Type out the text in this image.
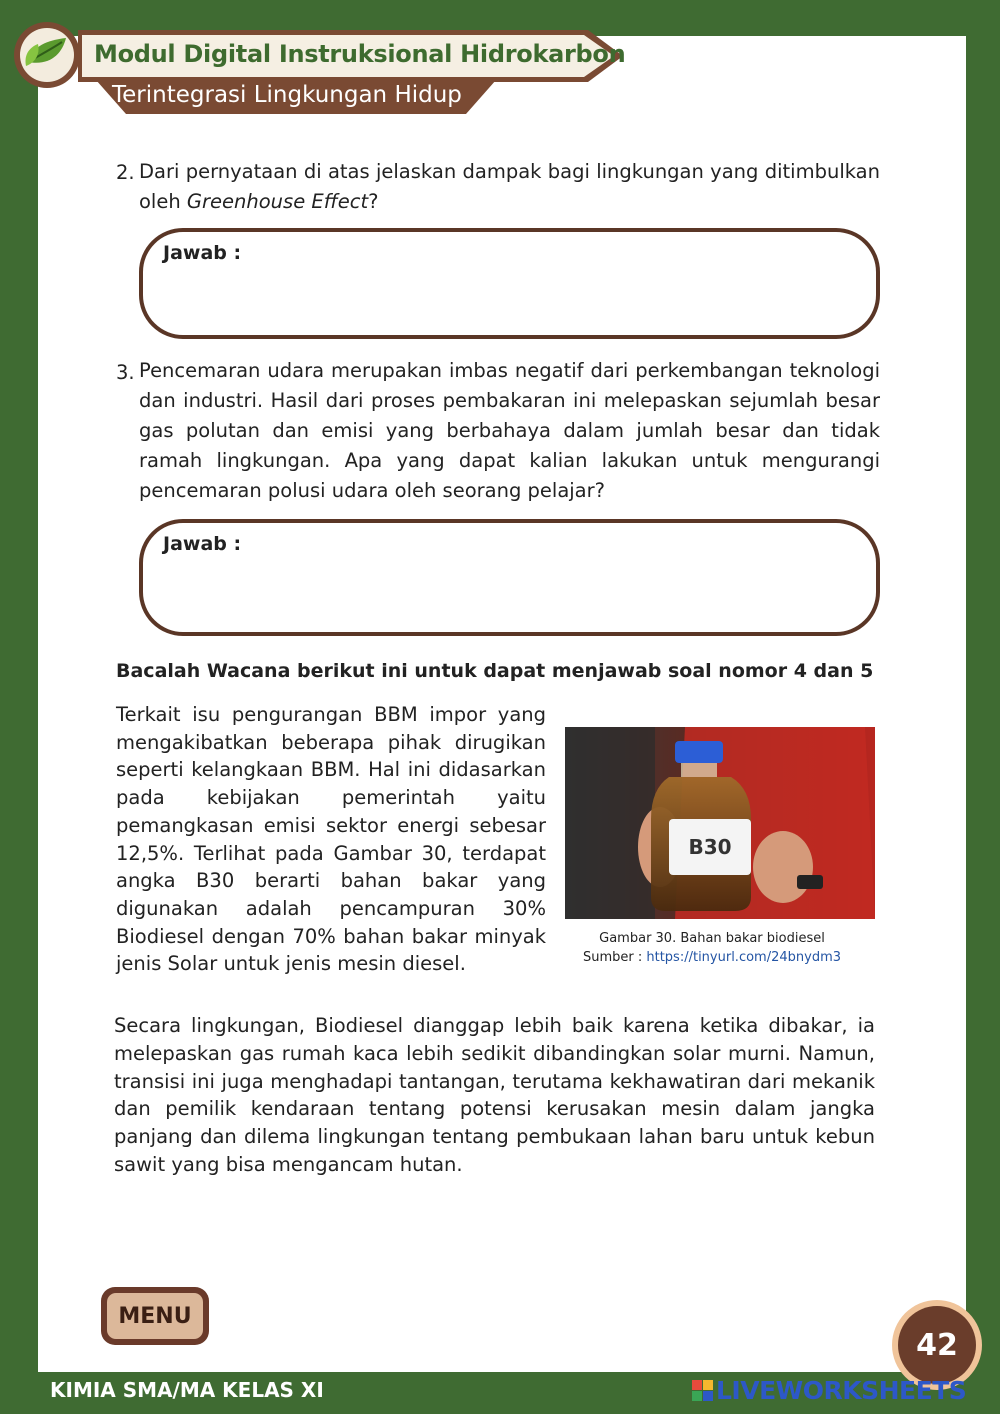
Modul Digital Instruksional Hidrokarbon
Terintegrasi Lingkungan Hidup
2. Dari pernyataan di atas jelaskan dampak bagi lingkungan yang ditimbulkan oleh Greenhouse Effect?
Jawab :
3. Pencemaran udara merupakan imbas negatif dari perkembangan teknologi dan industri. Hasil dari proses pembakaran ini melepaskan sejumlah besar gas polutan dan emisi yang berbahaya dalam jumlah besar dan tidak ramah lingkungan. Apa yang dapat kalian lakukan untuk mengurangi pencemaran polusi udara oleh seorang pelajar?
Jawab :
Bacalah Wacana berikut ini untuk dapat menjawab soal nomor 4 dan 5
Terkait isu pengurangan BBM impor yang mengakibatkan beberapa pihak dirugikan seperti kelangkaan BBM. Hal ini didasarkan pada kebijakan pemerintah yaitu pemangkasan emisi sektor energi sebesar 12,5%. Terlihat pada Gambar 30, terdapat angka B30 berarti bahan bakar yang digunakan adalah pencampuran 30% Biodiesel dengan 70% bahan bakar minyak jenis Solar untuk jenis mesin diesel.
B30
Gambar 30. Bahan bakar biodiesel
Sumber : https://tinyurl.com/24bnydm3
Secara lingkungan, Biodiesel dianggap lebih baik karena ketika dibakar, ia melepaskan gas rumah kaca lebih sedikit dibandingkan solar murni. Namun, transisi ini juga menghadapi tantangan, terutama kekhawatiran dari mekanik dan pemilik kendaraan tentang potensi kerusakan mesin dalam jangka panjang dan dilema lingkungan tentang pembukaan lahan baru untuk kebun sawit yang bisa mengancam hutan.
MENU
42
KIMIA SMA/MA KELAS XI	LIVEWORKSHEETS
